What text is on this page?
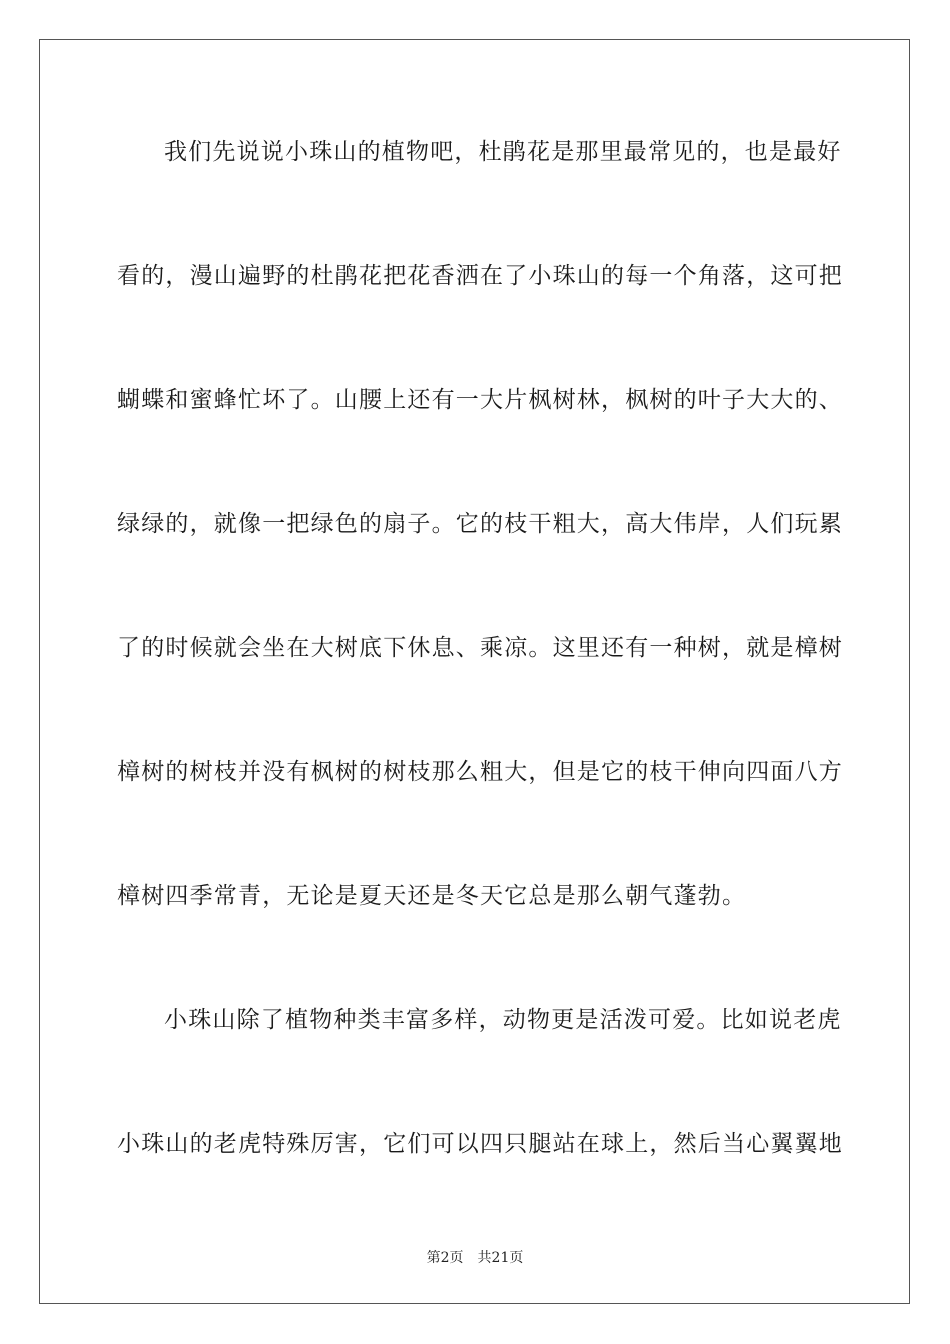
我们先说说小珠山的植物吧，杜鹃花是那里最常见的，也是最好
看的，漫山遍野的杜鹃花把花香洒在了小珠山的每一个角落，这可把
蝴蝶和蜜蜂忙坏了。山腰上还有一大片枫树林，枫树的叶子大大的、
绿绿的，就像一把绿色的扇子。它的枝干粗大，高大伟岸，人们玩累
了的时候就会坐在大树底下休息、乘凉。这里还有一种树，就是樟树
樟树的树枝并没有枫树的树枝那么粗大，但是它的枝干伸向四面八方
樟树四季常青，无论是夏天还是冬天它总是那么朝气蓬勃。
小珠山除了植物种类丰富多样，动物更是活泼可爱。比如说老虎
小珠山的老虎特殊厉害，它们可以四只腿站在球上，然后当心翼翼地
第2页 共21页
